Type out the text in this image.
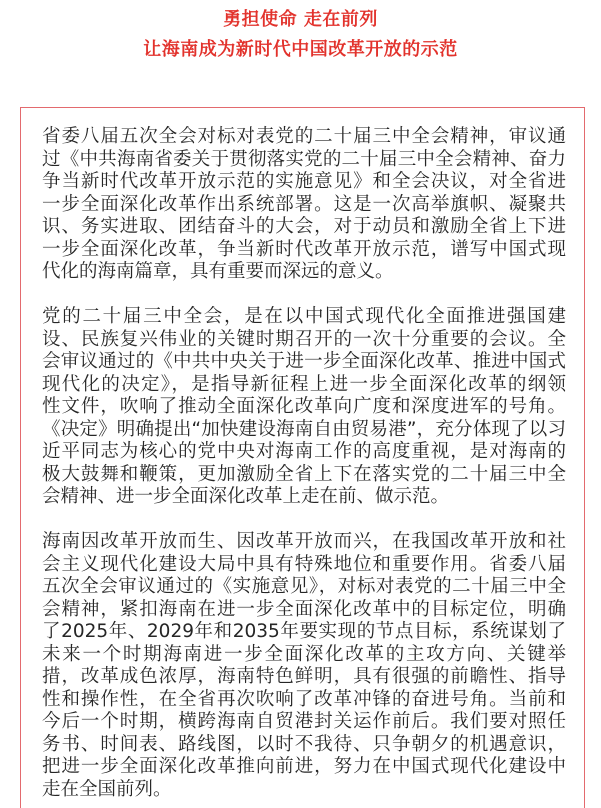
勇担使命 走在前列
让海南成为新时代中国改革开放的示范

省委八届五次全会对标对表党的二十届三中全会精神，审议通
过《中共海南省委关于贯彻落实党的二十届三中全会精神、奋力
争当新时代改革开放示范的实施意见》和全会决议，对全省进
一步全面深化改革作出系统部署。这是一次高举旗帜、凝聚共
识、务实进取、团结奋斗的大会，对于动员和激励全省上下进
一步全面深化改革，争当新时代改革开放示范，谱写中国式现
代化的海南篇章，具有重要而深远的意义。

党的二十届三中全会，是在以中国式现代化全面推进强国建
设、民族复兴伟业的关键时期召开的一次十分重要的会议。全
会审议通过的《中共中央关于进一步全面深化改革、推进中国式
现代化的决定》，是指导新征程上进一步全面深化改革的纲领
性文件，吹响了推动全面深化改革向广度和深度进军的号角。
《决定》明确提出“加快建设海南自由贸易港”，充分体现了以习
近平同志为核心的党中央对海南工作的高度重视，是对海南的
极大鼓舞和鞭策，更加激励全省上下在落实党的二十届三中全
会精神、进一步全面深化改革上走在前、做示范。

海南因改革开放而生、因改革开放而兴，在我国改革开放和社
会主义现代化建设大局中具有特殊地位和重要作用。省委八届
五次全会审议通过的《实施意见》，对标对表党的二十届三中全
会精神，紧扣海南在进一步全面深化改革中的目标定位，明确
了2025年、2029年和2035年要实现的节点目标，系统谋划了
未来一个时期海南进一步全面深化改革的主攻方向、关键举
措，改革成色浓厚，海南特色鲜明，具有很强的前瞻性、指导
性和操作性，在全省再次吹响了改革冲锋的奋进号角。当前和
今后一个时期，横跨海南自贸港封关运作前后。我们要对照任
务书、时间表、路线图，以时不我待、只争朝夕的机遇意识，
把进一步全面深化改革推向前进，努力在中国式现代化建设中
走在全国前列。
